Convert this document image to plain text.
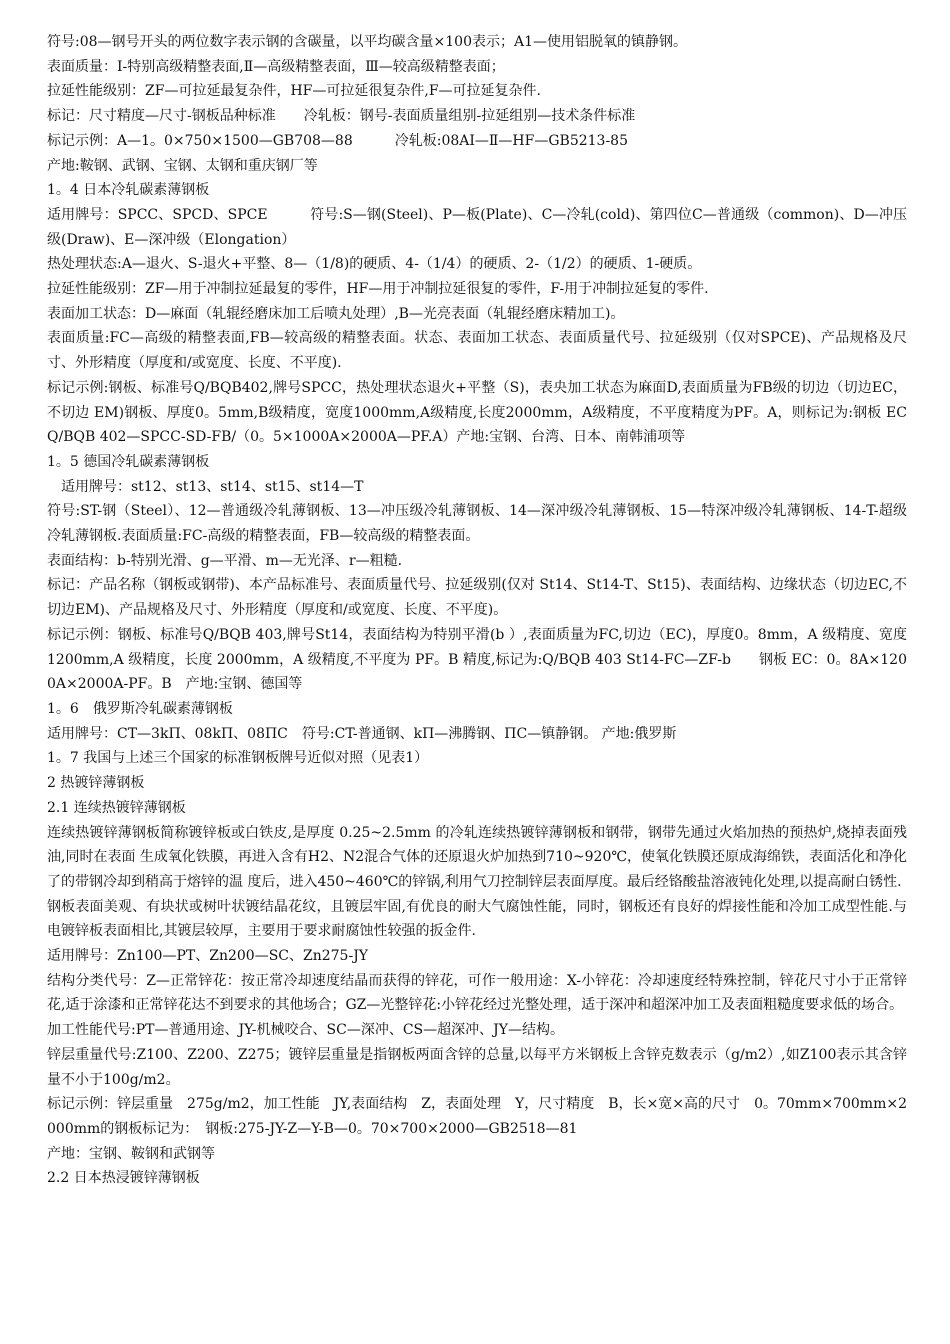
符号:08—钢号开头的两位数字表示钢的含碳量，以平均碳含量×100表示；A1—使用铝脱氧的镇静钢。

表面质量：Ⅰ-特别高级精整表面,Ⅱ—高级精整表面，Ⅲ—较高级精整表面；

拉延性能级别：ZF—可拉延最复杂件，HF—可拉延很复杂件,F—可拉延复杂件.

标记：尺寸精度—尺寸-钢板品种标准　　冷轧板：钢号-表面质量组别-拉延组别—技术条件标准

标记示例：A—1。0×750×1500—GB708—88　　　冷轧板:08AⅠ—Ⅱ—HF—GB5213-85

产地:鞍钢、武钢、宝钢、太钢和重庆钢厂等

1。4 日本冷轧碳素薄钢板

适用牌号：SPCC、SPCD、SPCE　　　符号:S—钢(Steel)、P—板(Plate)、C—冷轧(cold)、第四位C—普通级（common)、D—冲压级(Draw)、E—深冲级（Elongation）

热处理状态:A—退火、S-退火+平整、8—（1/8)的硬质、4-（1/4）的硬质、2-（1/2）的硬质、1-硬质。

拉延性能级别：ZF—用于冲制拉延最复的零件，HF—用于冲制拉延很复的零件，F-用于冲制拉延复的零件.

表面加工状态：D—麻面（轧辊经磨床加工后喷丸处理）,B—光亮表面（轧辊经磨床精加工)。

表面质量:FC—高级的精整表面,FB—较高级的精整表面。状态、表面加工状态、表面质量代号、拉延级别（仅对SPCE)、产品规格及尺寸、外形精度（厚度和/或宽度、长度、不平度).

标记示例:钢板、标准号Q/BQB402,牌号SPCC，热处理状态退火+平整（S)，表央加工状态为麻面D,表面质量为FB级的切边（切边EC，不切边 EM)钢板、厚度0。5mm,B级精度，宽度1000mm,A级精度,长度2000mm，A级精度，不平度精度为PF。A，则标记为:钢板 ECQ/BQB 402—SPCC-SD-FB/（0。5×1000A×2000A—PF.A）产地:宝钢、台湾、日本、南韩浦项等

1。5 德国冷轧碳素薄钢板

适用牌号：st12、st13、st14、st15、st14—T

符号:ST-钢（Steel）、12—普通级冷轧薄钢板、13—冲压级冷轧薄钢板、14—深冲级冷轧薄钢板、15—特深冲级冷轧薄钢板、14-T-超级冷轧薄钢板.表面质量:FC-高级的精整表面，FB—较高级的精整表面。

表面结构：b-特别光滑、g—平滑、m—无光泽、r—粗糙.

标记：产品名称（钢板或钢带)、本产品标准号、表面质量代号、拉延级别(仅对 St14、St14-T、St15)、表面结构、边缘状态（切边EC,不切边EM)、产品规格及尺寸、外形精度（厚度和/或宽度、长度、不平度)。

标记示例：钢板、标准号Q/BQB 403,牌号St14，表面结构为特别平滑(b ）,表面质量为FC,切边（EC)，厚度0。8mm，A 级精度、宽度 1200mm,A 级精度，长度 2000mm，A 级精度,不平度为 PF。B 精度,标记为:Q/BQB 403 St14-FC—ZF-b　　钢板 EC：0。8A×1200A×2000A-PF。B　产地:宝钢、德国等

1。6　俄罗斯冷轧碳素薄钢板

适用牌号：CT—3kП、08kП、08ПC　符号:CT-普通钢、kП—沸腾钢、ПC—镇静钢。 产地:俄罗斯

1。7 我国与上述三个国家的标准钢板牌号近似对照（见表1）

2 热镀锌薄钢板

2.1 连续热镀锌薄钢板

连续热镀锌薄钢板简称镀锌板或白铁皮,是厚度 0.25~2.5mm 的冷轧连续热镀锌薄钢板和钢带，钢带先通过火焰加热的预热炉,烧掉表面残油,同时在表面 生成氧化铁膜，再进入含有H2、N2混合气体的还原退火炉加热到710~920℃，使氧化铁膜还原成海绵铁，表面活化和净化了的带钢冷却到稍高于熔锌的温 度后，进入450~460℃的锌锅,利用气刀控制锌层表面厚度。最后经铬酸盐溶液钝化处理,以提高耐白锈性.

钢板表面美观、有块状或树叶状镀结晶花纹，且镀层牢固,有优良的耐大气腐蚀性能，同时，钢板还有良好的焊接性能和冷加工成型性能.与电镀锌板表面相比,其镀层较厚，主要用于要求耐腐蚀性较强的扳金件.

适用牌号：Zn100—PT、Zn200—SC、Zn275-JY

结构分类代号：Z—正常锌花：按正常冷却速度结晶而获得的锌花，可作一般用途：X-小锌花：冷却速度经特殊控制，锌花尺寸小于正常锌花,适于涂漆和正常锌花达不到要求的其他场合；GZ—光整锌花:小锌花经过光整处理，适于深冲和超深冲加工及表面粗糙度要求低的场合。

加工性能代号:PT—普通用途、JY-机械咬合、SC—深冲、CS—超深冲、JY—结构。

锌层重量代号:Z100、Z200、Z275；镀锌层重量是指钢板两面含锌的总量,以每平方米钢板上含锌克数表示（g/m2）,如Z100表示其含锌量不小于100g/m2。

标记示例：锌层重量　275g/m2，加工性能　JY,表面结构　Z，表面处理　Y，尺寸精度　B，长×宽×高的尺寸　0。70mm×700mm×2000mm的钢板标记为：　钢板:275-JY-Z—Y-B—0。70×700×2000—GB2518—81

产地：宝钢、鞍钢和武钢等

2.2 日本热浸镀锌薄钢板
